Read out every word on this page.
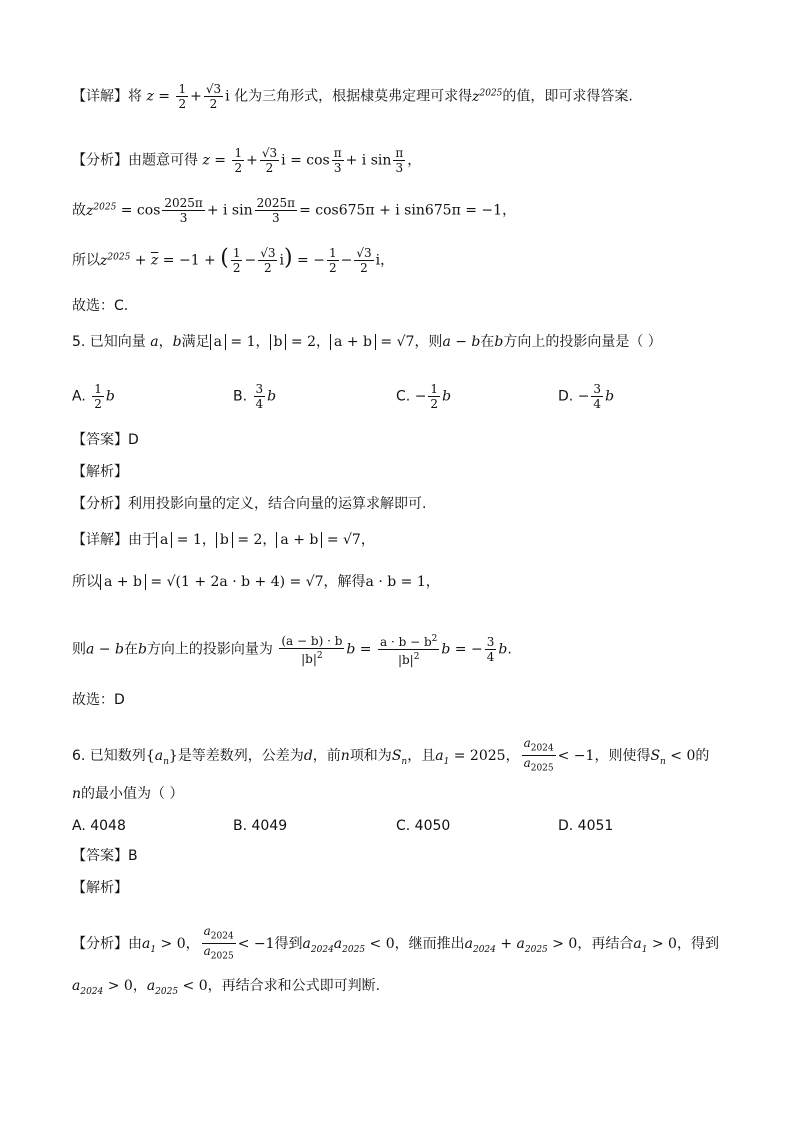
【详解】将 $z = \frac{1}{2} + \frac{√3}{2}$ i 化为三角形式，根据棣莫弗定理可求得$z^{2025}$的值，即可求得答案.
【分析】由题意可得 $z = \frac{1}{2} + \frac{√3}{2}$ $i = \cos \frac{\pi}{3} + i$ $\sin \frac{\pi}{3}$ ，
故$z^{2025} = \cos \frac{2025\pi}{3} + i$ $\sin \frac{2025\pi}{3} = \cos 675\pi + i$ sin675π = −1，
所以$z^{2025} + \overline{z} = -1$ + ( $\frac{1}{2} - \frac{√3}{2} i$) = − $\frac{1}{2} - \frac{√3}{2}$ i，
故选：C.
5. 已知向量 a，b满足 a = 1， b = 2， a + b = √7，则a − b在b方向上的投影向量是（ ）
A. $\frac{1}{2}$ b	B. $\frac{3}{4}$ b	C. − $\frac{1}{2}$ b	D. − $\frac{3}{4}$ b
【答案】D
【解析】
【分析】利用投影向量的定义，结合向量的运算求解即可.
【详解】由于 a = 1， b = 2， a + b = √7，
所以 a + b = √(1 + 2a · b + 4) = √7，解得a · b = 1，
则a − b在b方向上的投影向量为 $\frac{(a - b) \cdot b}{|b|^2}$ $b = \frac{a \cdot b - b^2}{|b|^2}$ b = − $\frac{3}{4} b$.
故选：D
6. 已知数列$\{a_n\}$是等差数列，公差为d，前n项和为$S_n$，且$a_1 = 2025$， $\frac{a_{2024}}{a_{2025}} < -1$，则使得$S_n < 0$的
n的最小值为（ ）
A. 4048	B. 4049	C. 4050	D. 4051
【答案】B
【解析】
【分析】由$a_1 > 0$， $\frac{a_{2024}}{a_{2025}} < -1$得到$a_{2024}a_{2025} < 0$，继而推出$a_{2024} + a_{2025} > 0$，再结合$a_1 > 0$，得到
$a_{2024} > 0$，$a_{2025} < 0$，再结合求和公式即可判断.
